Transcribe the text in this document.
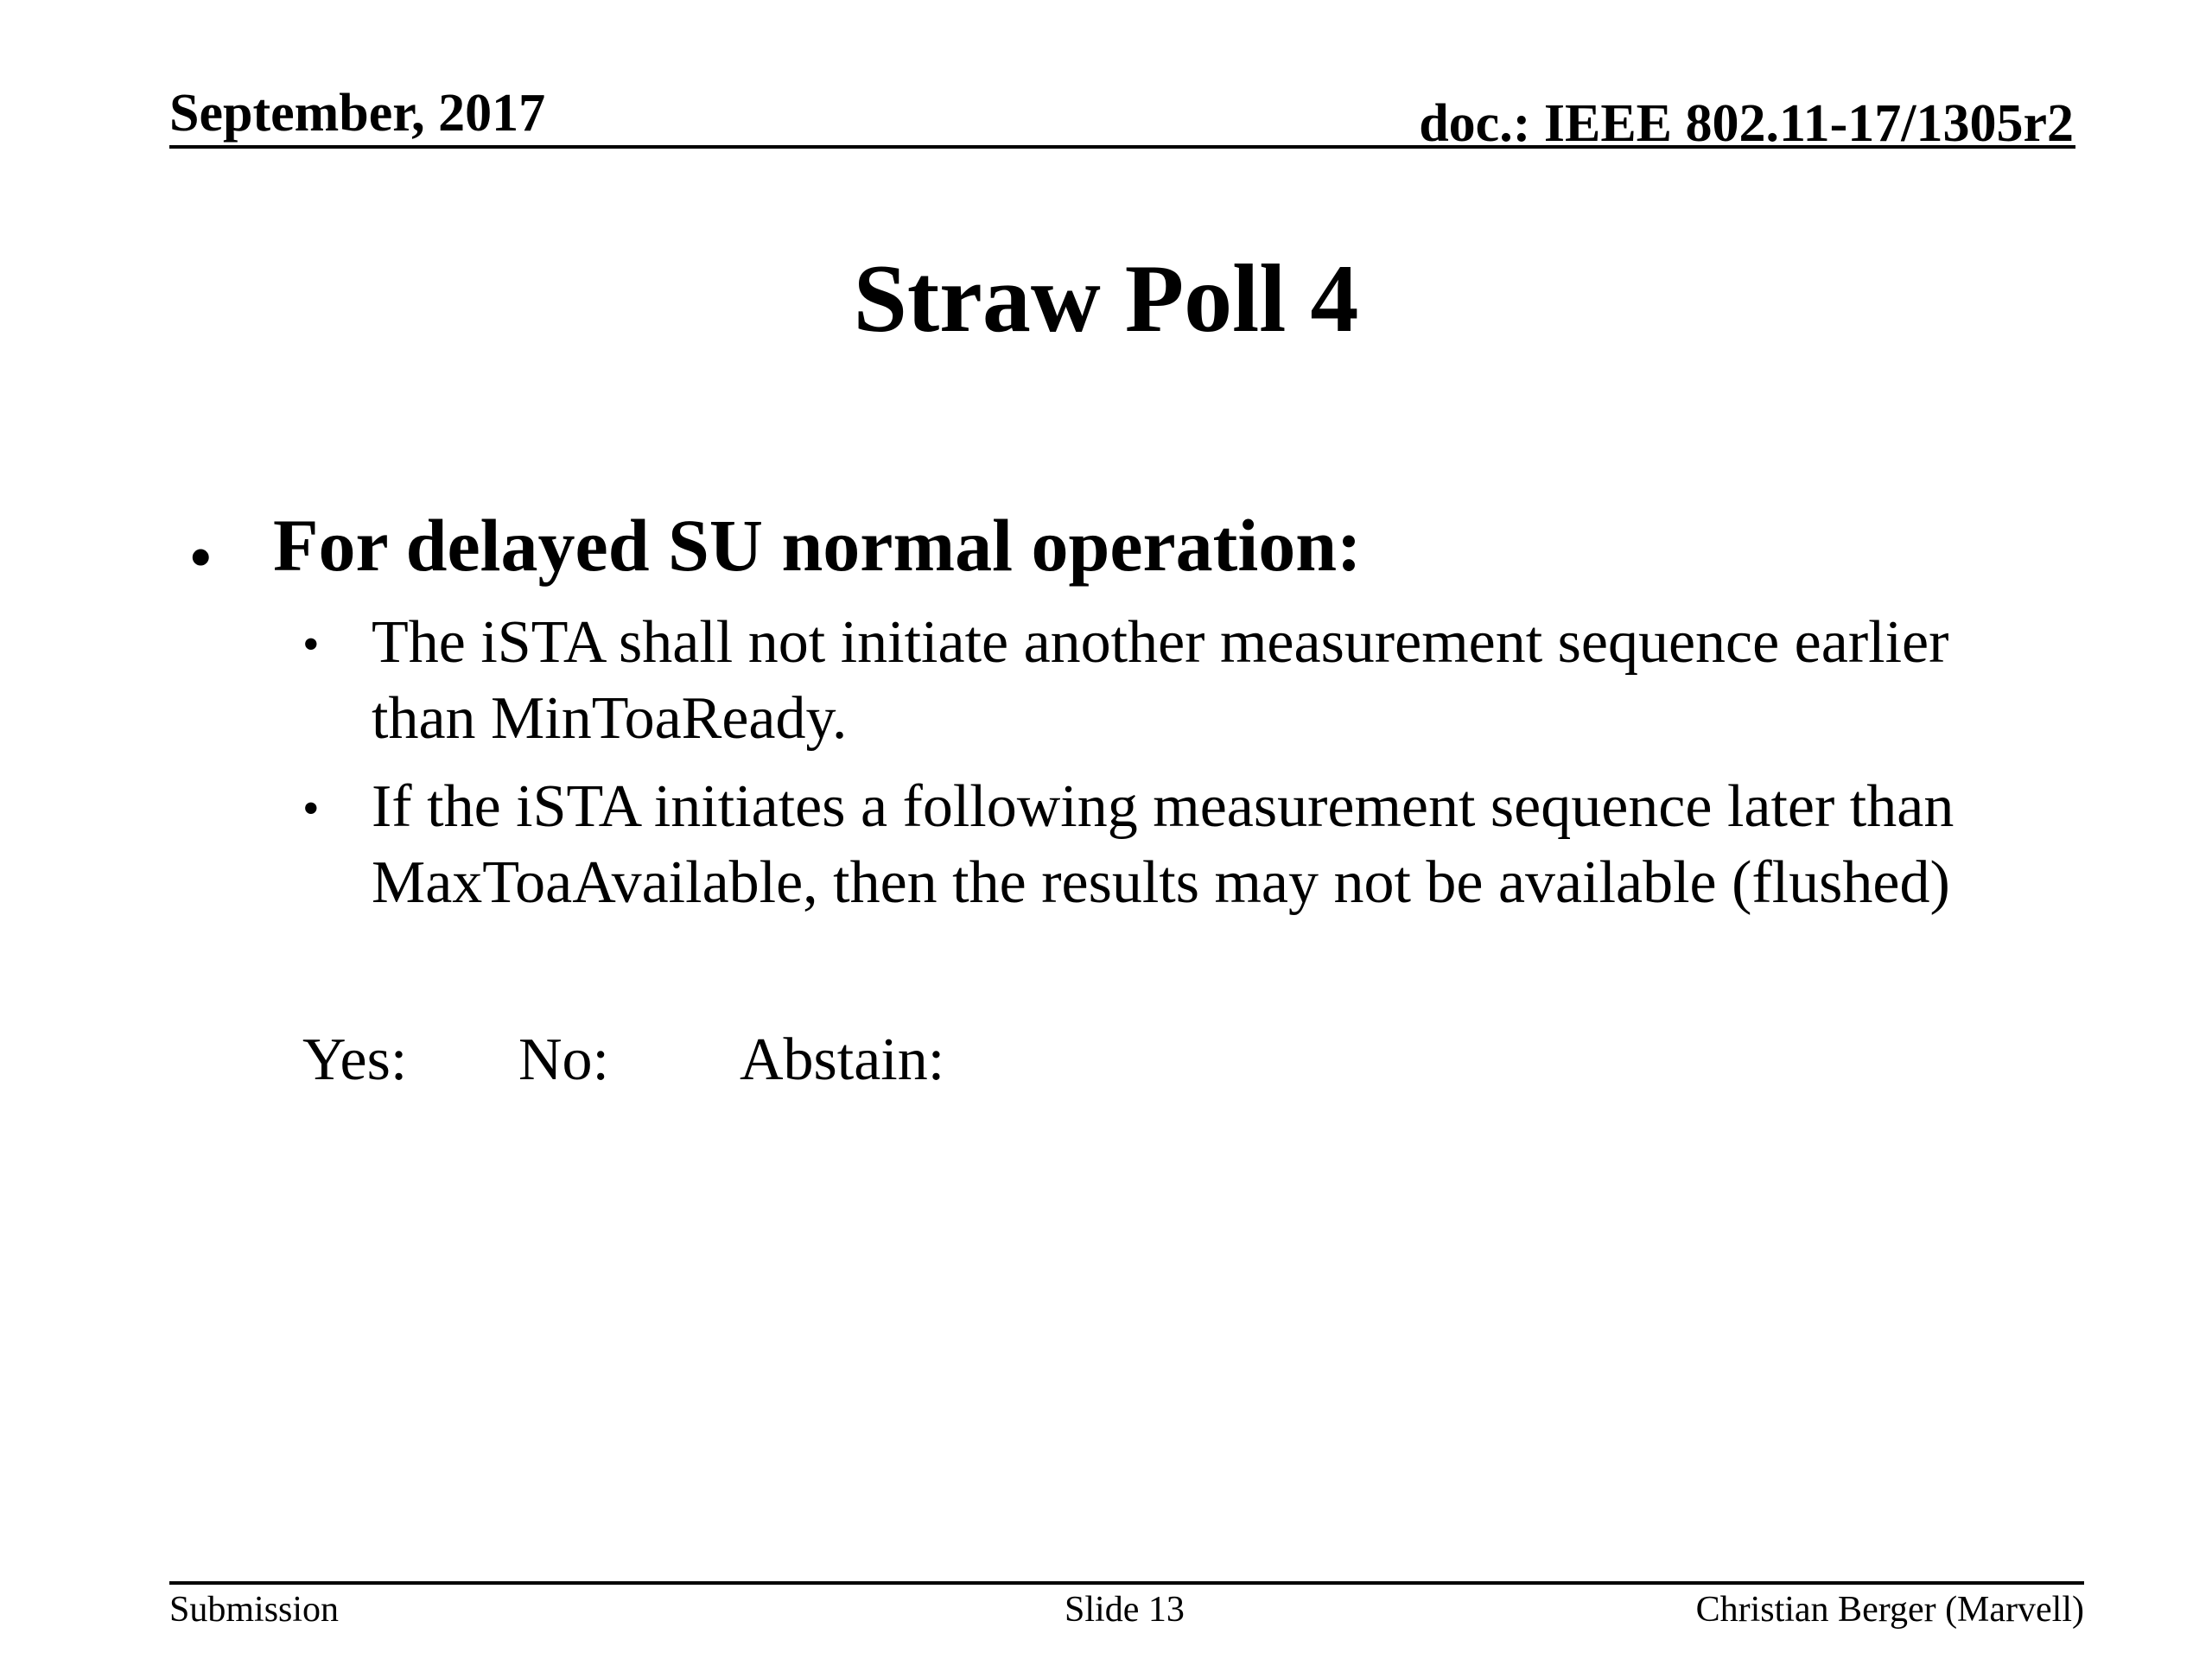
September, 2017	doc.: IEEE 802.11-17/1305r2
Straw Poll 4
• For delayed SU normal operation:
• The iSTA shall not initiate another measurement sequence earlier than MinToaReady.
• If the iSTA initiates a following measurement sequence later than MaxToaAvailable, then the results may not be available (flushed)
Yes: No: Abstain:
Submission	Slide 13	Christian Berger (Marvell)
